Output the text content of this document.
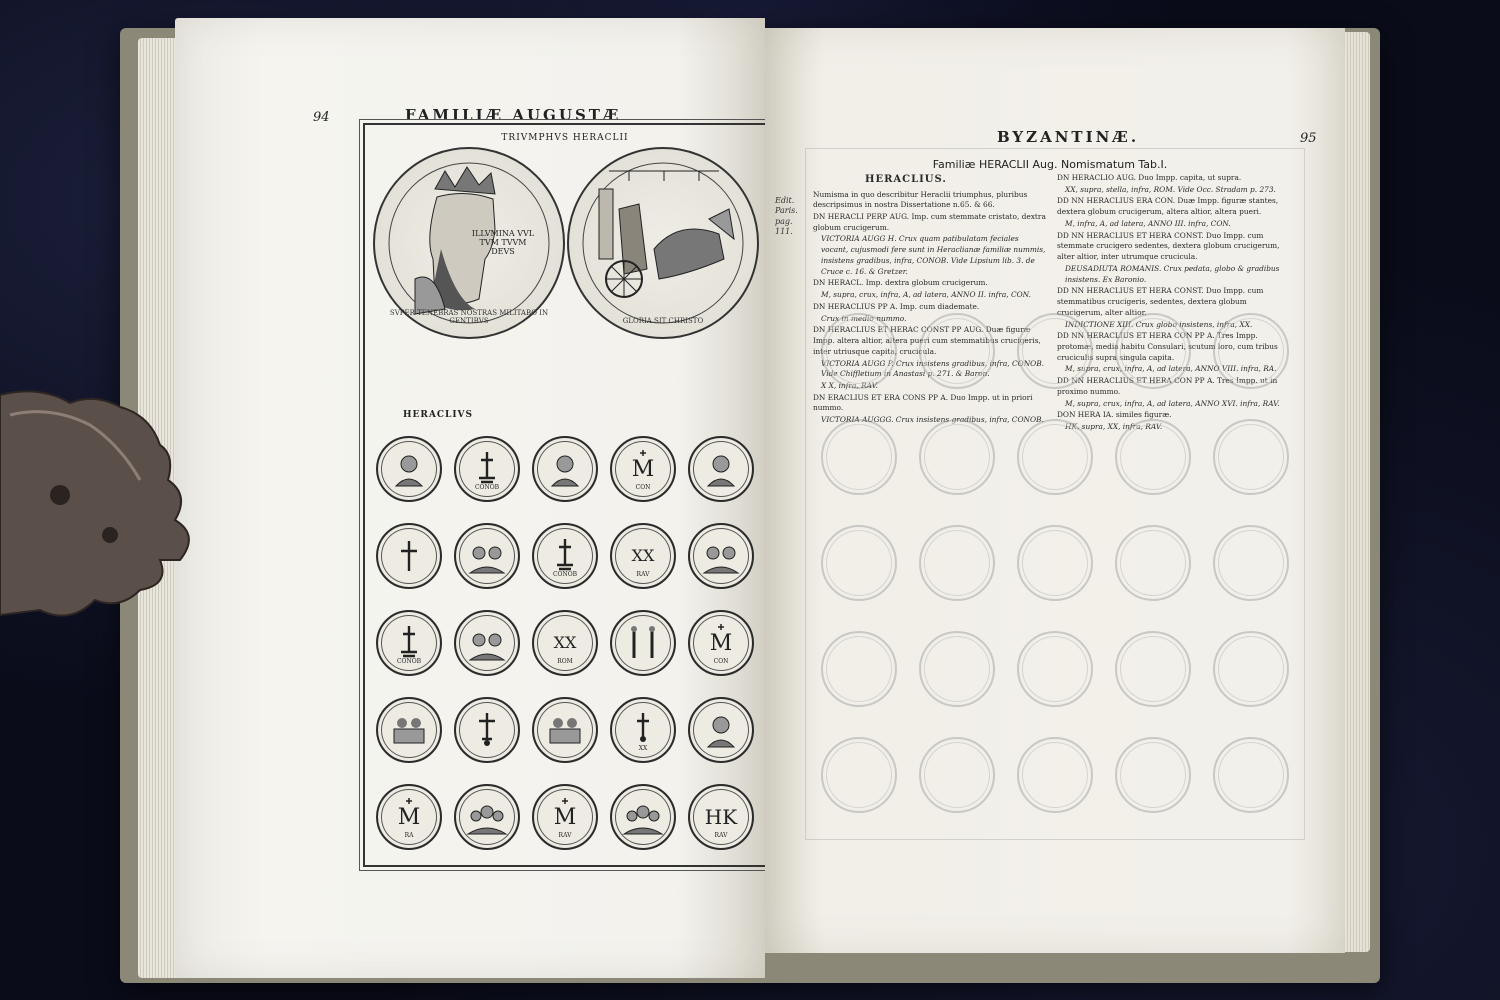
94	FAMILIÆ AUGUSTÆ
TRIVMPHVS HERACLII
ILLVMINA VVL TVM TVVM DEVS
SVPER TENEBRAS NOSTRAS MILITABO IN GENTIBVS	GLORIA SIT CHRISTO
HERACLIVS
CONOB
M
CON
CONOB
XX
RAV
CONOB
XX
ROM
M
CON
XX
M
RA
M
RAV
HK
RAV
BYZANTINÆ.	95
Familiæ HERACLII Aug. Nomismatum Tab.I.
Edit. Paris. pag. 111.
HERACLIUS.
Numisma in quo describitur Heraclii triumphus, pluribus descripsimus in nostra Dissertatione n.65. & 66.
DN HERACLI PERP AUG. Imp. cum stemmate cristato, dextra globum crucigerum.
VICTORIA AUGG H. Crux quam patibulatam feciales vocant, cujusmodi fere sunt in Heraclianæ familiæ nummis, insistens gradibus, infra, CONOB. Vide Lipsium lib. 3. de Cruce c. 16. & Gretzer.
DN HERACL. Imp. dextra globum crucigerum.
M, supra, crux, infra, A, ad latera, ANNO II. infra, CON.
DN HERACLIUS PP A. Imp. cum diademate.
Crux in medio nummo.
DN HERACLIUS ET HERAC CONST PP AUG. Duæ figuræ Impp. altera altior, altera pueri cum stemmatibus crucigeris, inter utriusque capita, crucicula.
VICTORIA AUGG P. Crux insistens gradibus, infra, CONOB. Vide Chiffletium in Anastasi p. 271. & Baron.
X X, infra, RAV.
DN ERACLIUS ET ERA CONS PP A. Duo Impp. ut in priori nummo.
VICTORIA AUGGG. Crux insistens gradibus, infra, CONOB.
DN HERACLIO AUG. Duo Impp. capita, ut supra.
XX, supra, stella, infra, ROM. Vide Occ. Stradam p. 273.
DD NN HERACLIUS ERA CON. Duæ Impp. figuræ stantes, dextera globum crucigerum, altera altior, altera pueri.
M, infra, A, ad latera, ANNO III. infra, CON.
DD NN HERACLIUS ET HERA CONST. Duo Impp. cum stemmate crucigero sedentes, dextera globum crucigerum, alter altior, inter utrumque crucicula.
DEUSADIUTA ROMANIS. Crux pedata, globo & gradibus insistens. Ex Baronio.
DD NN HERACLIUS ET HERA CONST. Duo Impp. cum stemmatibus crucigeris, sedentes, dextera globum crucigerum, alter altior.
INDICTIONE XIII. Crux globo insistens, infra, XX.
DD NN HERACLIUS ET HERA CON PP A. Tres Impp. protomæ, media habitu Consulari, scutum loro, cum tribus cruciculis supra singula capita.
M, supra, crux, infra, A, ad latera, ANNO VIII. infra, RA.
DD NN HERACLIUS ET HERA CON PP A. Tres Impp. ut in proximo nummo.
M, supra, crux, infra, A, ad latera, ANNO XVI. infra, RAV.
DON HERA IA. similes figuræ.
HK, supra, XX, infra, RAV.
